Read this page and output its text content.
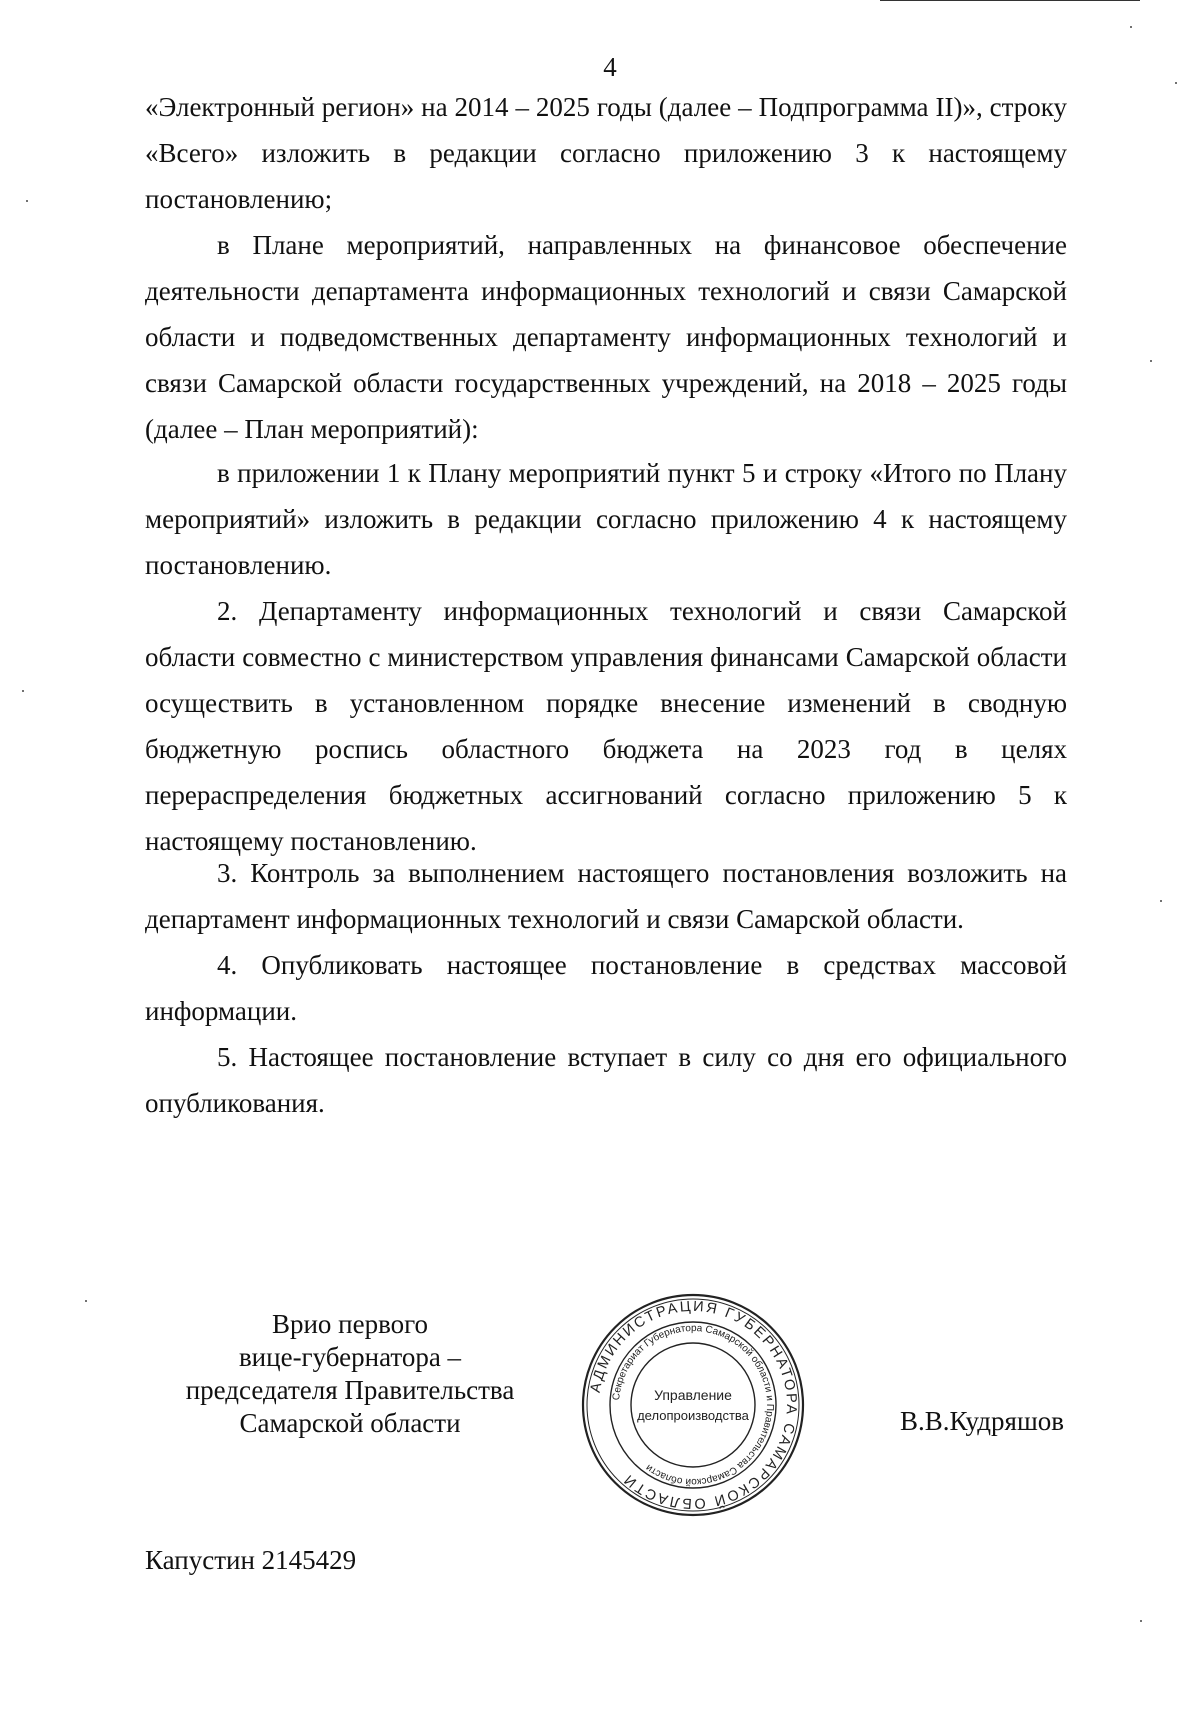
4

«Электронный регион» на 2014 – 2025 годы (далее – Подпрограмма II)», строку «Всего» изложить в редакции согласно приложению 3 к настоящему постановлению;

в Плане мероприятий, направленных на финансовое обеспечение деятельности департамента информационных технологий и связи Самарской области и подведомственных департаменту информационных технологий и связи Самарской области государственных учреждений, на 2018 – 2025 годы (далее – План мероприятий):

в приложении 1 к Плану мероприятий пункт 5 и строку «Итого по Плану мероприятий» изложить в редакции согласно приложению 4 к настоящему постановлению.

2. Департаменту информационных технологий и связи Самарской области совместно с министерством управления финансами Самарской области осуществить в установленном порядке внесение изменений в сводную бюджетную роспись областного бюджета на 2023 год в целях перераспределения бюджетных ассигнований согласно приложению 5 к настоящему постановлению.

3. Контроль за выполнением настоящего постановления возложить на департамент информационных технологий и связи Самарской области.

4. Опубликовать настоящее постановление в средствах массовой информации.

5. Настоящее постановление вступает в силу со дня его официального опубликования.

Врио первого
вице-губернатора –
председателя Правительства
Самарской области
АДМИНИСТРАЦИЯ ГУБЕРНАТОРА САМАРСКОЙ ОБЛАСТИ
Секретариат Губернатора Самарской области и Правительства Самарской области
Управление
делопроизводства	В.В.Кудряшов
Капустин 2145429
